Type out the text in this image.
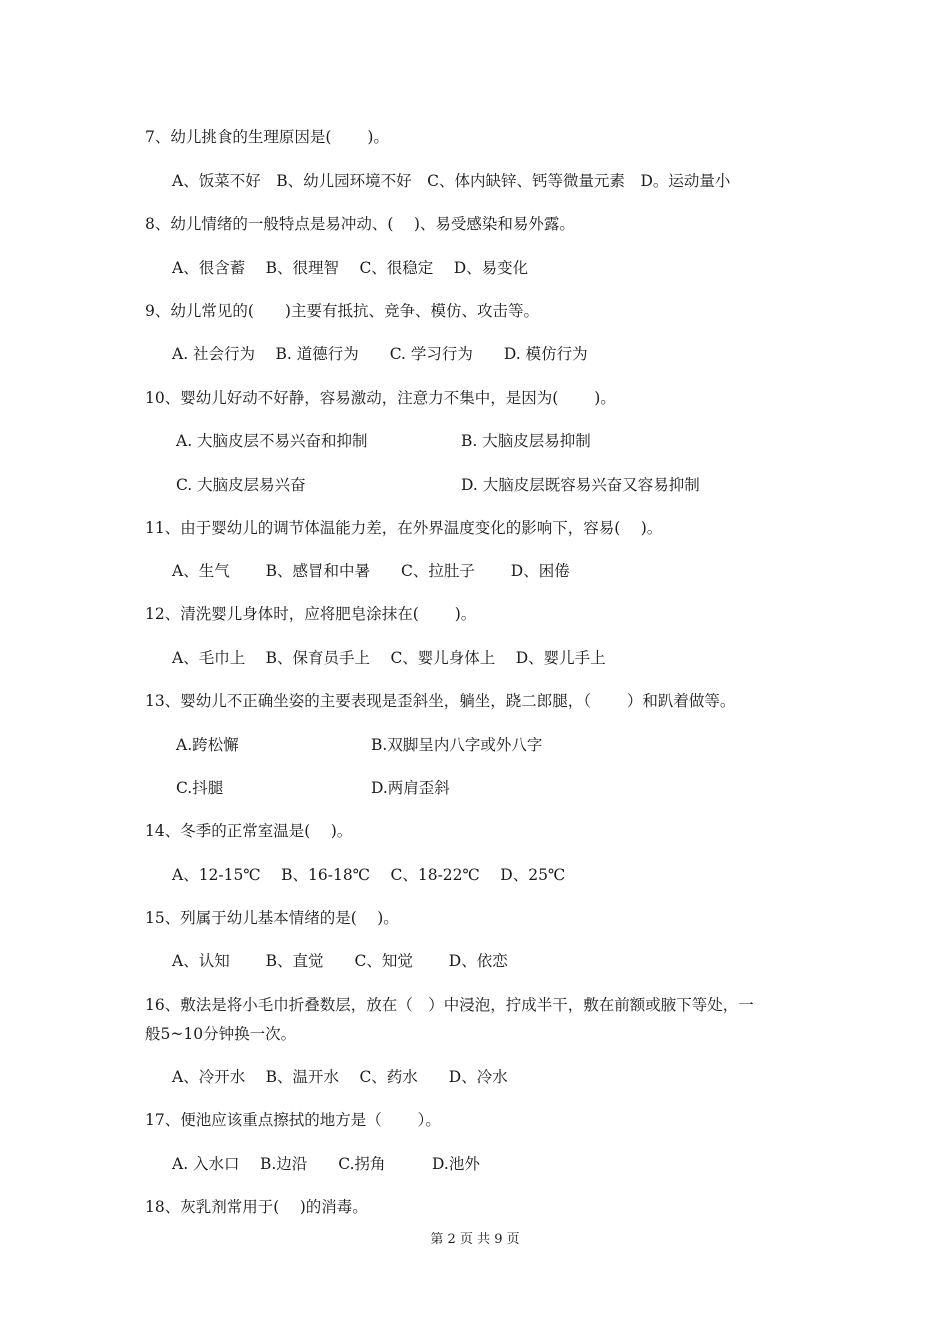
7、幼儿挑食的生理原因是(　　 )。
A、饭菜不好　B、幼儿园环境不好　C、体内缺锌、钙等微量元素　D。运动量小
8、幼儿情绪的一般特点是易冲动、(　 )、易受感染和易外露。
A、很含蓄　 B、很理智　 C、很稳定　 D、易变化
9、幼儿常见的(　　)主要有抵抗、竞争、模仿、攻击等。
A. 社会行为　 B. 道德行为　　C. 学习行为　　D. 模仿行为
10、婴幼儿好动不好静，容易激动，注意力不集中，是因为(　　 )。
A. 大脑皮层不易兴奋和抑制	B. 大脑皮层易抑制
C. 大脑皮层易兴奋	D. 大脑皮层既容易兴奋又容易抑制
11、由于婴幼儿的调节体温能力差，在外界温度变化的影响下，容易(　 )。
A、生气　　 B、感冒和中暑　　C、拉肚子　　 D、困倦
12、清洗婴儿身体时，应将肥皂涂抹在(　　 )。
A、毛巾上　 B、保育员手上　 C、婴儿身体上　 D、婴儿手上
13、婴幼儿不正确坐姿的主要表现是歪斜坐，躺坐，跷二郎腿，（　　 ）和趴着做等。
A.跨松懈	B.双脚呈内八字或外八字
C.抖腿	D.两肩歪斜
14、冬季的正常室温是(　 )。
A、12-15℃　 B、16-18℃　 C、18-22℃　 D、25℃
15、列属于幼儿基本情绪的是(　 )。
A、认知　　 B、直觉　　C、知觉　　 D、依恋
16、敷法是将小毛巾折叠数层，放在（　）中浸泡，拧成半干，敷在前额或腋下等处，一
般5~10分钟换一次。
A、冷开水　 B、温开水　 C、药水　　D、冷水
17、便池应该重点擦拭的地方是（　　 ）。
A. 入水口　 B.边沿　　C.拐角　　　D.池外
18、灰乳剂常用于(　 )的消毒。
第 2 页 共 9 页
